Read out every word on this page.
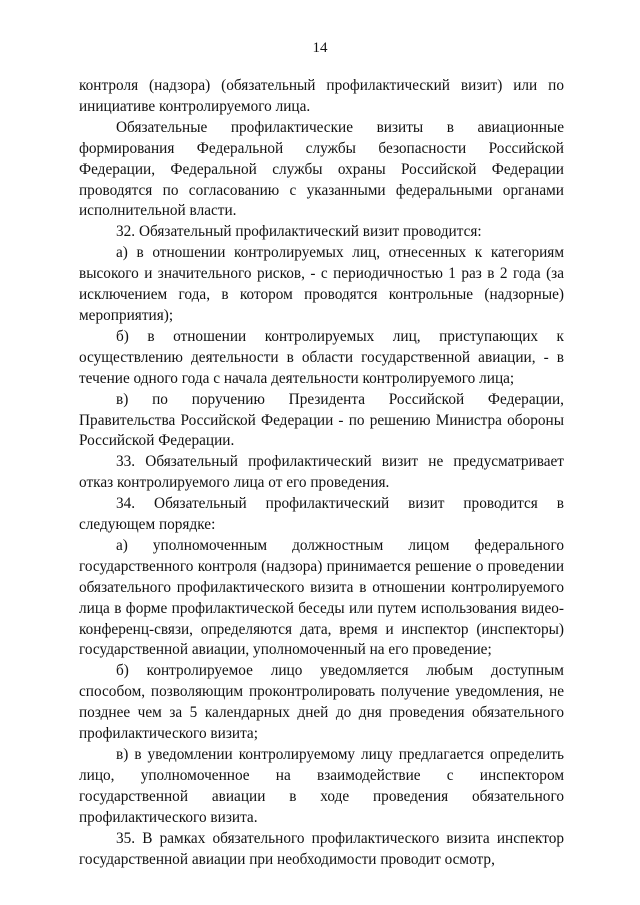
14

контроля (надзора) (обязательный профилактический визит) или по инициативе контролируемого лица.

Обязательные профилактические визиты в авиационные формирования Федеральной службы безопасности Российской Федерации, Федеральной службы охраны Российской Федерации проводятся по согласованию с указанными федеральными органами исполнительной власти.

32. Обязательный профилактический визит проводится:

а) в отношении контролируемых лиц, отнесенных к категориям высокого и значительного рисков, - с периодичностью 1 раз в 2 года (за исключением года, в котором проводятся контрольные (надзорные) мероприятия);

б) в отношении контролируемых лиц, приступающих к осуществлению деятельности в области государственной авиации, - в течение одного года с начала деятельности контролируемого лица;

в) по поручению Президента Российской Федерации, Правительства Российской Федерации - по решению Министра обороны Российской Федерации.

33. Обязательный профилактический визит не предусматривает отказ контролируемого лица от его проведения.

34. Обязательный профилактический визит проводится в следующем порядке:

а) уполномоченным должностным лицом федерального государственного контроля (надзора) принимается решение о проведении обязательного профилактического визита в отношении контролируемого лица в форме профилактической беседы или путем использования видео-конференц-связи, определяются дата, время и инспектор (инспекторы) государственной авиации, уполномоченный на его проведение;

б) контролируемое лицо уведомляется любым доступным способом, позволяющим проконтролировать получение уведомления, не позднее чем за 5 календарных дней до дня проведения обязательного профилактического визита;

в) в уведомлении контролируемому лицу предлагается определить лицо, уполномоченное на взаимодействие с инспектором государственной авиации в ходе проведения обязательного профилактического визита.

35. В рамках обязательного профилактического визита инспектор государственной авиации при необходимости проводит осмотр,
